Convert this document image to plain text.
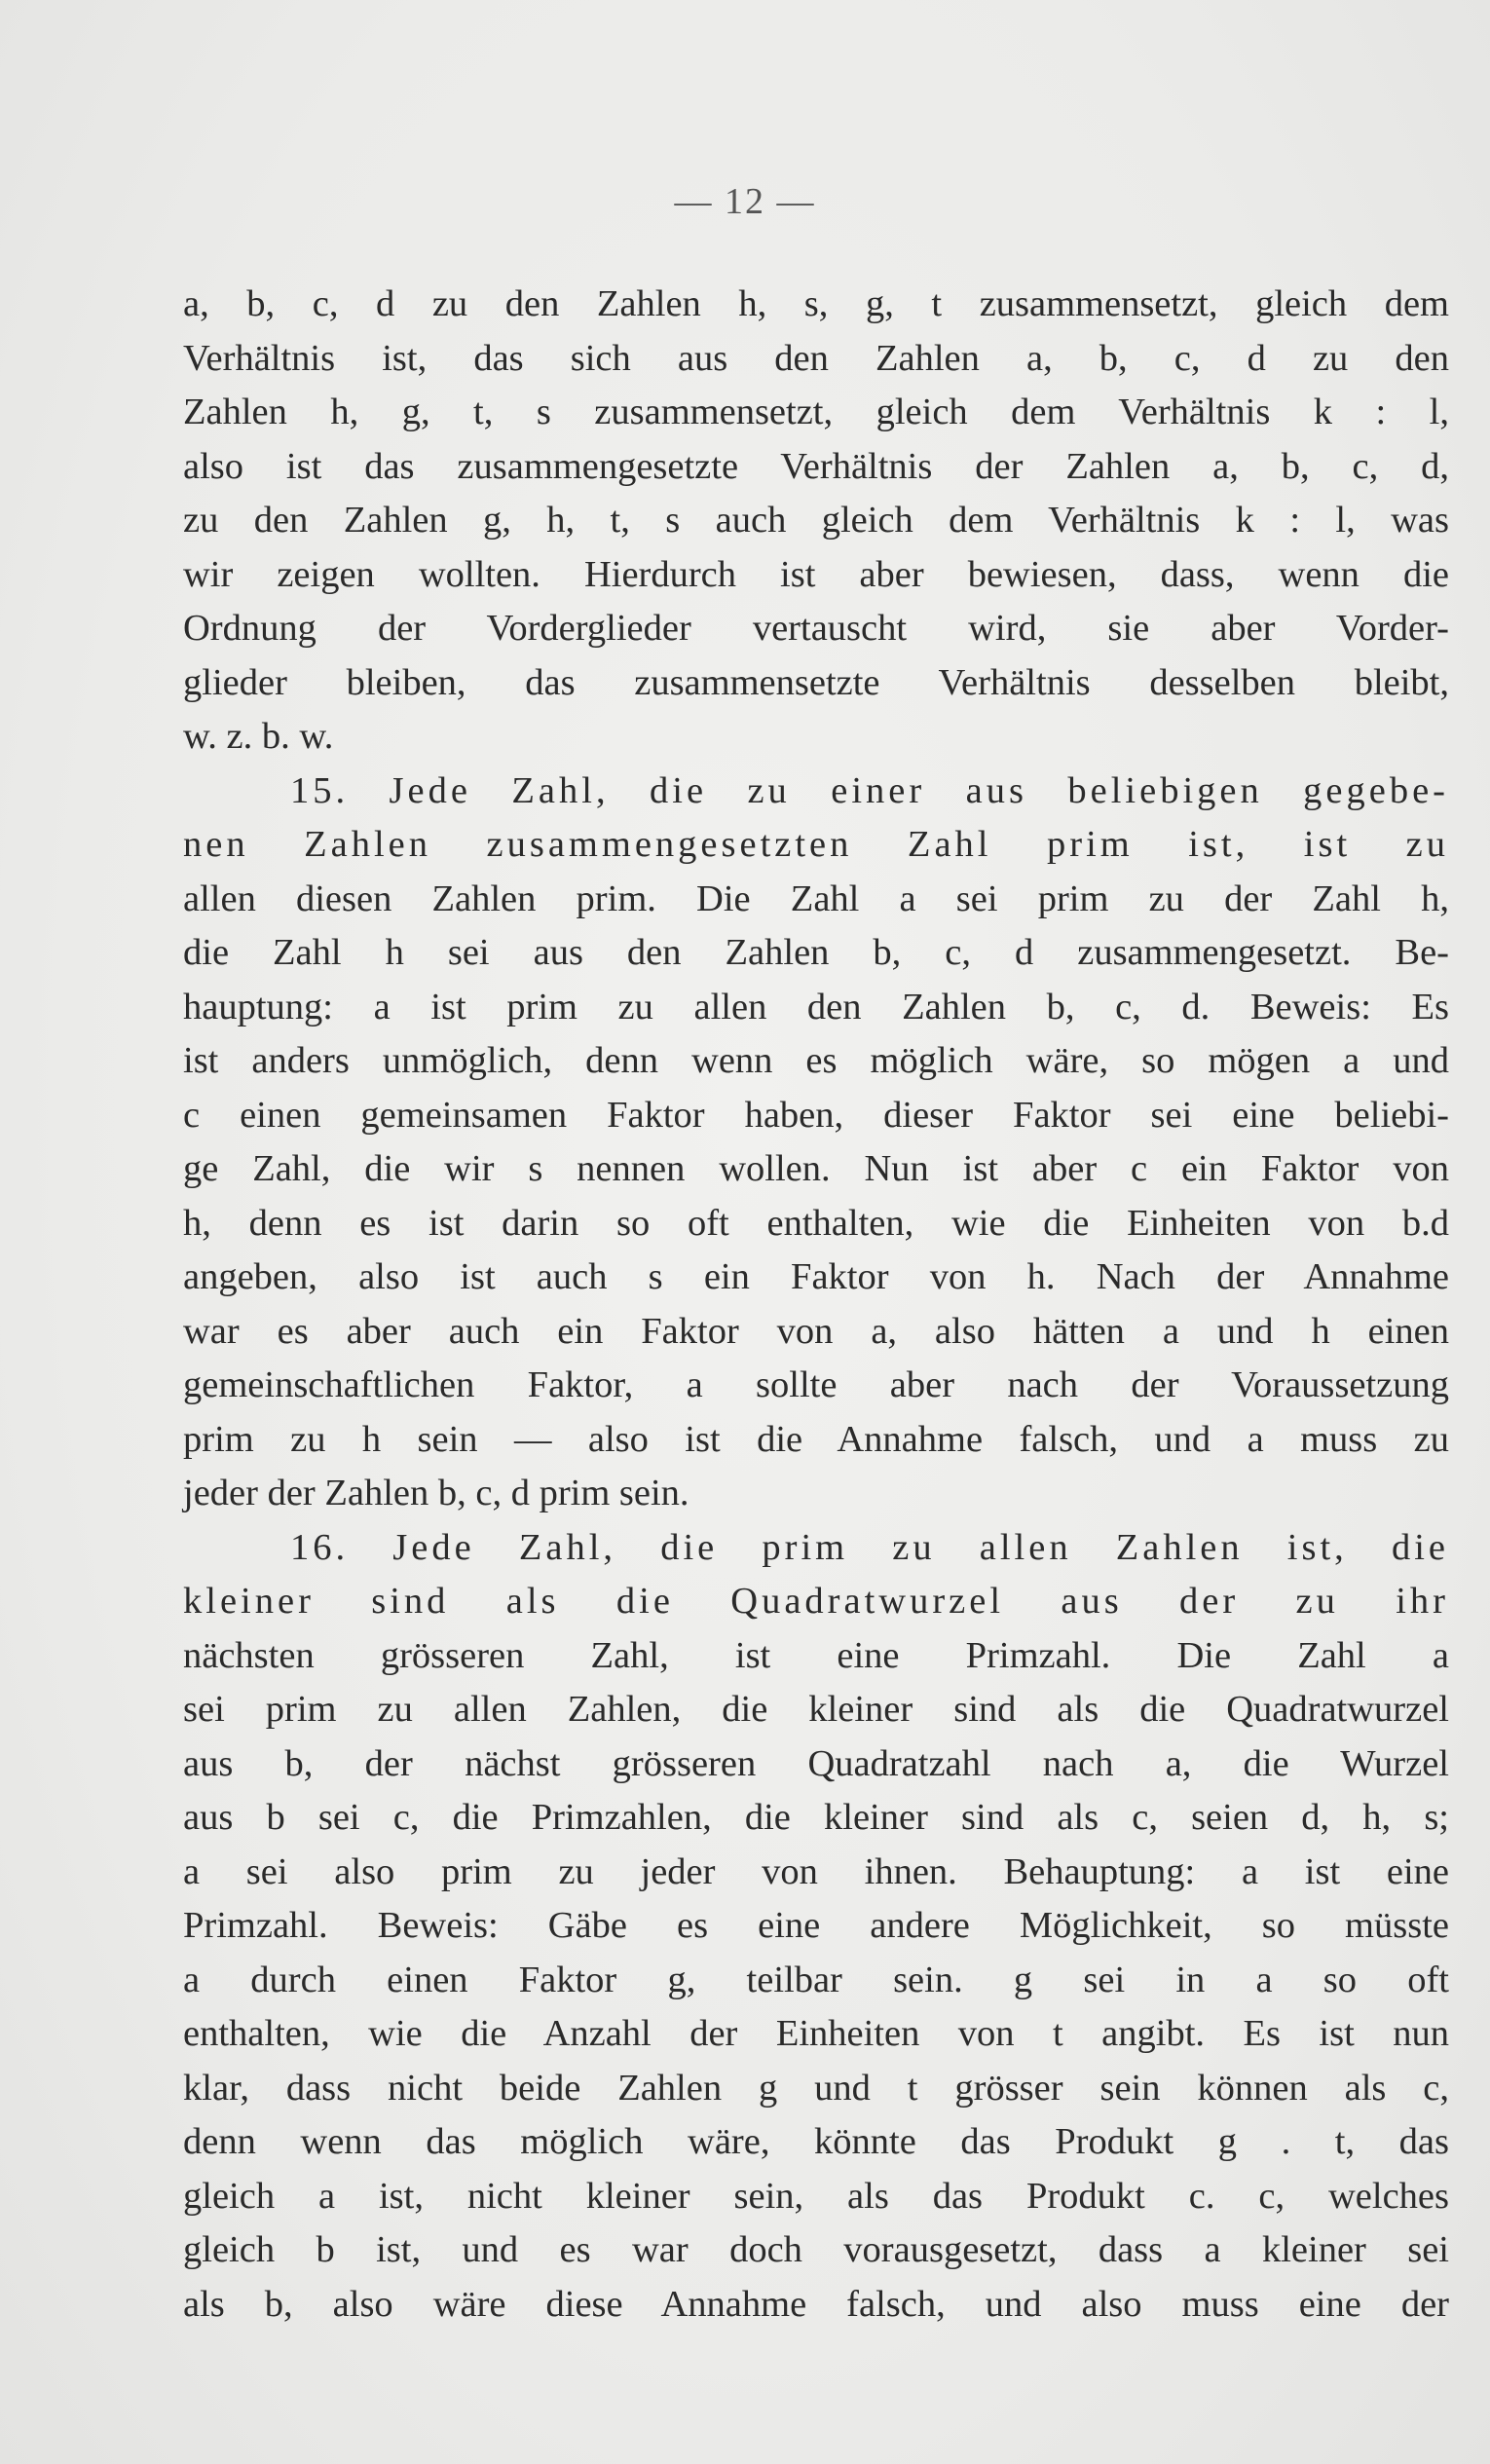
— 12 —
a, b, c, d zu den Zahlen h, s, g, t zusammensetzt, gleich dem
Verhältnis ist, das sich aus den Zahlen a, b, c, d zu den
Zahlen h, g, t, s zusammensetzt, gleich dem Verhältnis k : l,
also ist das zusammengesetzte Verhältnis der Zahlen a, b, c, d,
zu den Zahlen g, h, t, s auch gleich dem Verhältnis k : l, was
wir zeigen wollten. Hierdurch ist aber bewiesen, dass, wenn die
Ordnung der Vorderglieder vertauscht wird, sie aber Vorder-
glieder bleiben, das zusammensetzte Verhältnis desselben bleibt,
w. z. b. w.
15. Jede Zahl, die zu einer aus beliebigen gegebe-
nen Zahlen zusammengesetzten Zahl prim ist, ist zu
allen diesen Zahlen prim. Die Zahl a sei prim zu der Zahl h,
die Zahl h sei aus den Zahlen b, c, d zusammengesetzt. Be-
hauptung: a ist prim zu allen den Zahlen b, c, d. Beweis: Es
ist anders unmöglich, denn wenn es möglich wäre, so mögen a und
c einen gemeinsamen Faktor haben, dieser Faktor sei eine beliebi-
ge Zahl, die wir s nennen wollen. Nun ist aber c ein Faktor von
h, denn es ist darin so oft enthalten, wie die Einheiten von b.d
angeben, also ist auch s ein Faktor von h. Nach der Annahme
war es aber auch ein Faktor von a, also hätten a und h einen
gemeinschaftlichen Faktor, a sollte aber nach der Voraussetzung
prim zu h sein — also ist die Annahme falsch, und a muss zu
jeder der Zahlen b, c, d prim sein.
16. Jede Zahl, die prim zu allen Zahlen ist, die
kleiner sind als die Quadratwurzel aus der zu ihr
nächsten grösseren Zahl, ist eine Primzahl. Die Zahl a
sei prim zu allen Zahlen, die kleiner sind als die Quadratwurzel
aus b, der nächst grösseren Quadratzahl nach a, die Wurzel
aus b sei c, die Primzahlen, die kleiner sind als c, seien d, h, s;
a sei also prim zu jeder von ihnen. Behauptung: a ist eine
Primzahl. Beweis: Gäbe es eine andere Möglichkeit, so müsste
a durch einen Faktor g, teilbar sein. g sei in a so oft
enthalten, wie die Anzahl der Einheiten von t angibt. Es ist nun
klar, dass nicht beide Zahlen g und t grösser sein können als c,
denn wenn das möglich wäre, könnte das Produkt g . t, das
gleich a ist, nicht kleiner sein, als das Produkt c. c, welches
gleich b ist, und es war doch vorausgesetzt, dass a kleiner sei
als b, also wäre diese Annahme falsch, und also muss eine der
